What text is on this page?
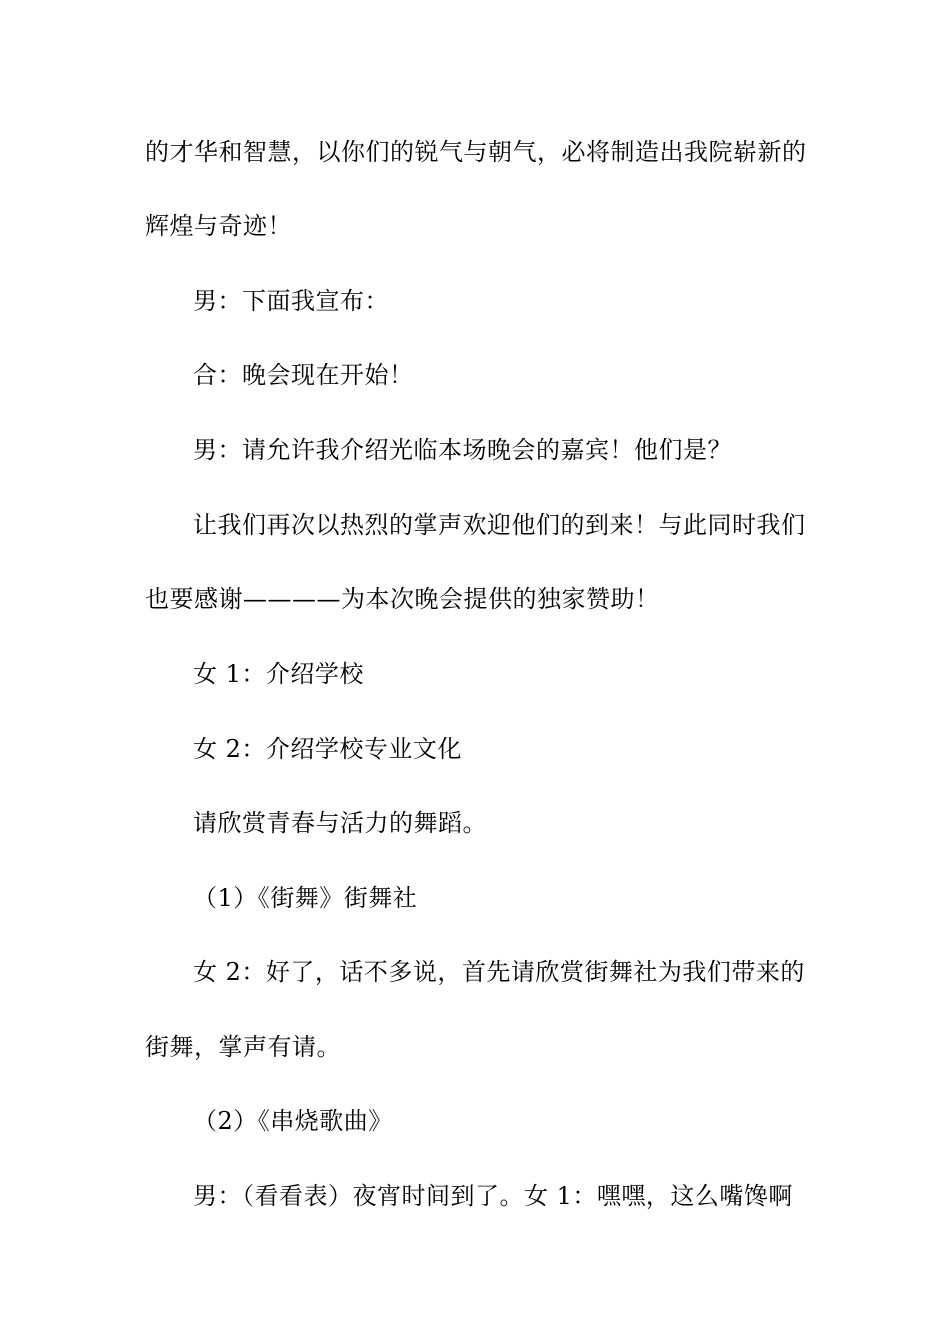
的才华和智慧，以你们的锐气与朝气，必将制造出我院崭新的
辉煌与奇迹！
男：下面我宣布：
合：晚会现在开始！
男：请允许我介绍光临本场晚会的嘉宾！他们是？
让我们再次以热烈的掌声欢迎他们的到来！与此同时我们
也要感谢————为本次晚会提供的独家赞助！
女 1：介绍学校
女 2：介绍学校专业文化
请欣赏青春与活力的舞蹈。
（1）《街舞》街舞社
女 2：好了，话不多说，首先请欣赏街舞社为我们带来的
街舞，掌声有请。
（2）《串烧歌曲》
男：（看看表）夜宵时间到了。女 1：嘿嘿，这么嘴馋啊
